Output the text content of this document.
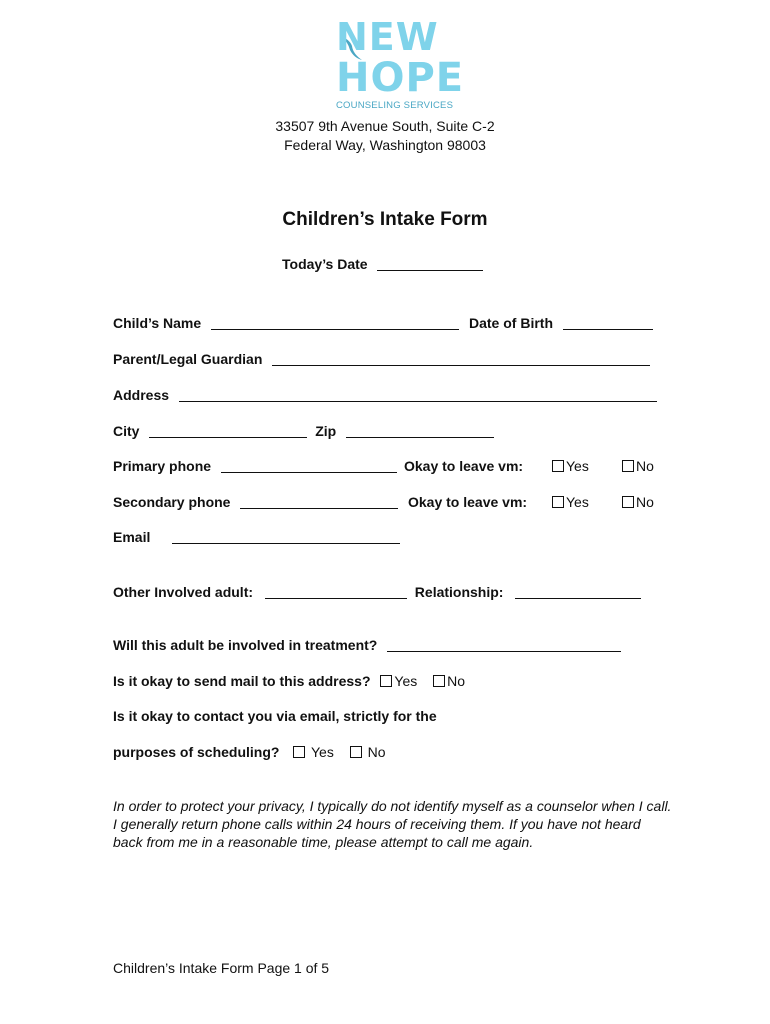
NEW
HOPE
COUNSELING SERVICES
33507 9th Avenue South, Suite C-2
Federal Way, Washington 98003
Children’s Intake Form
Today’s Date
Child’s Name	Date of Birth
Parent/Legal Guardian
Address
City	Zip
Primary phone	Okay to leave vm:	Yes	No
Secondary phone	Okay to leave vm:	Yes	No
Email
Other Involved adult:	Relationship:
Will this adult be involved in treatment?
Is it okay to send mail to this address? Yes No
Is it okay to contact you via email, strictly for the
purposes of scheduling? Yes No
In order to protect your privacy, I typically do not identify myself as a counselor when I call. I generally return phone calls within 24 hours of receiving them. If you have not heard back from me in a reasonable time, please attempt to call me again.
Children’s Intake Form Page 1 of 5
